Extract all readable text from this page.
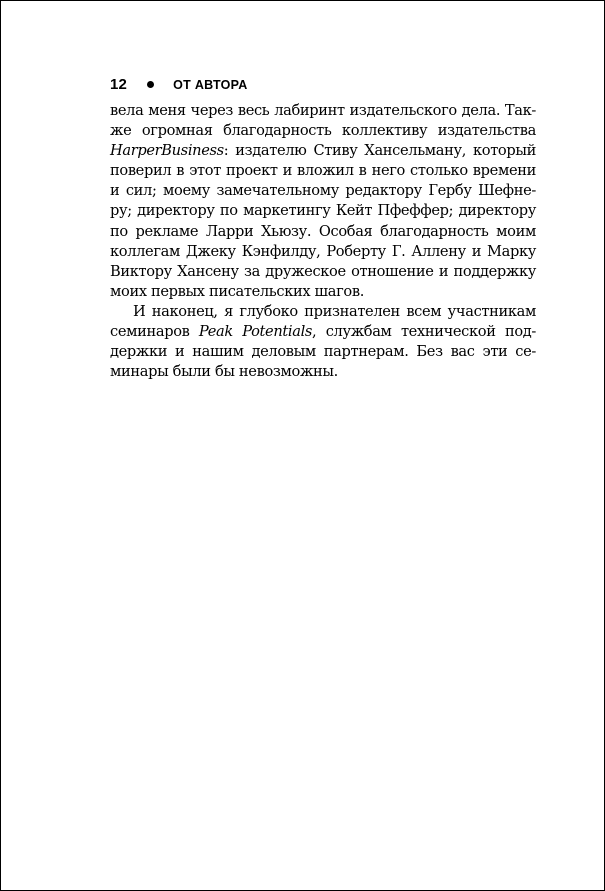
12	ОТ АВТОРА
вела меня через весь лабиринт издательского дела. Так-
же огромная благодарность коллективу издательства
HarperBusiness: издателю Стиву Хансельману, который
поверил в этот проект и вложил в него столько времени
и сил; моему замечательному редактору Гербу Шефне-
ру; директору по маркетингу Кейт Пфеффер; директору
по рекламе Ларри Хьюзу. Особая благодарность моим
коллегам Джеку Кэнфилду, Роберту Г. Аллену и Марку
Виктору Хансену за дружеское отношение и поддержку
моих первых писательских шагов.
И наконец, я глубоко признателен всем участникам
семинаров Peak Potentials, службам технической под-
держки и нашим деловым партнерам. Без вас эти се-
минары были бы невозможны.
